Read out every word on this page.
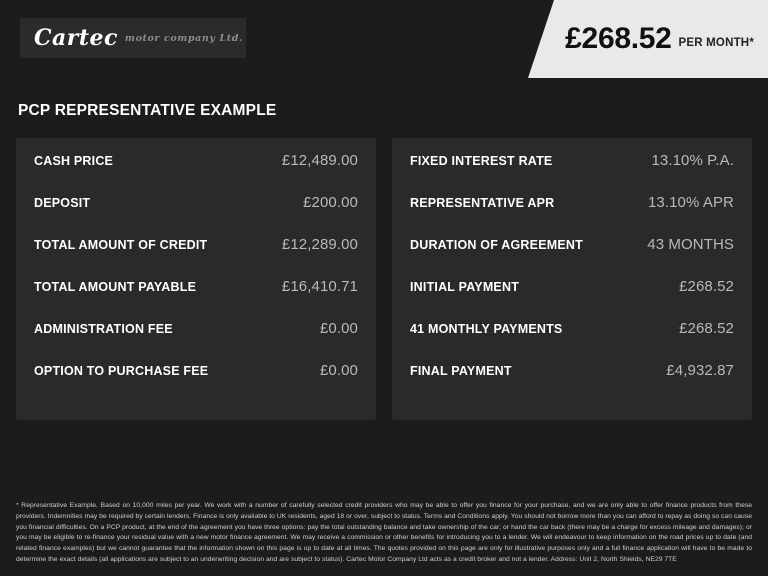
Cartec motor company Ltd.	£268.52 PER MONTH*
PCP REPRESENTATIVE EXAMPLE
CASH PRICE	£12,489.00
DEPOSIT	£200.00
TOTAL AMOUNT OF CREDIT	£12,289.00
TOTAL AMOUNT PAYABLE	£16,410.71
ADMINISTRATION FEE	£0.00
OPTION TO PURCHASE FEE	£0.00
FIXED INTEREST RATE	13.10% P.A.
REPRESENTATIVE APR	13.10% APR
DURATION OF AGREEMENT	43 MONTHS
INITIAL PAYMENT	£268.52
41 MONTHLY PAYMENTS	£268.52
FINAL PAYMENT	£4,932.87
* Representative Example. Based on 10,000 miles per year. We work with a number of carefully selected credit providers who may be able to offer you finance for your purchase, and we are only able to offer finance products from these providers. Indemnities may be required by certain lenders. Finance is only available to UK residents, aged 18 or over, subject to status. Terms and Conditions apply. You should not borrow more than you can afford to repay as doing so can cause you financial difficulties. On a PCP product, at the end of the agreement you have three options: pay the total outstanding balance and take ownership of the car; or hand the car back (there may be a charge for excess mileage and damages); or you may be eligible to re-finance your residual value with a new motor finance agreement. We may receive a commission or other benefits for introducing you to a lender. We will endeavour to keep information on the road prices up to date (and related finance examples) but we cannot guarantee that the information shown on this page is up to date at all times. The quotes provided on this page are only for illustrative purposes only and a full finance application will have to be made to determine the exact details (all applications are subject to an underwriting decision and are subject to status). Cartec Motor Company Ltd acts as a credit broker and not a lender. Address: Unit 2, North Shields, NE29 7TE
